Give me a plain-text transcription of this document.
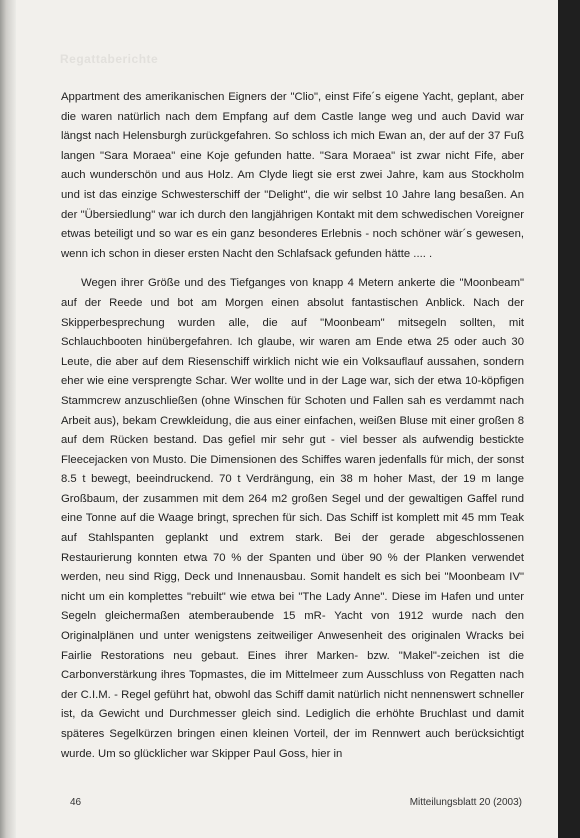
Regattaberichte

Appartment des amerikanischen Eigners der "Clio", einst Fife´s eigene Yacht, geplant, aber die waren natürlich nach dem Empfang auf dem Castle lange weg und auch David war längst nach Helensburgh zurückgefahren. So schloss ich mich Ewan an, der auf der 37 Fuß langen "Sara Moraea" eine Koje gefunden hatte. "Sara Moraea" ist zwar nicht Fife, aber auch wunderschön und aus Holz. Am Clyde liegt sie erst zwei Jahre, kam aus Stockholm und ist das einzige Schwesterschiff der "Delight", die wir selbst 10 Jahre lang besaßen. An der "Übersiedlung" war ich durch den langjährigen Kontakt mit dem schwedischen Voreigner etwas beteiligt und so war es ein ganz besonderes Erlebnis - noch schöner wär´s gewesen, wenn ich schon in dieser ersten Nacht den Schlafsack gefunden hätte .... .

Wegen ihrer Größe und des Tiefganges von knapp 4 Metern ankerte die "Moonbeam" auf der Reede und bot am Morgen einen absolut fantastischen Anblick. Nach der Skipperbesprechung wurden alle, die auf "Moonbeam" mitsegeln sollten, mit Schlauchbooten hinübergefahren. Ich glaube, wir waren am Ende etwa 25 oder auch 30 Leute, die aber auf dem Riesenschiff wirklich nicht wie ein Volksauflauf aussahen, sondern eher wie eine versprengte Schar. Wer wollte und in der Lage war, sich der etwa 10-köpfigen Stammcrew anzuschließen (ohne Winschen für Schoten und Fallen sah es verdammt nach Arbeit aus), bekam Crewkleidung, die aus einer einfachen, weißen Bluse mit einer großen 8 auf dem Rücken bestand. Das gefiel mir sehr gut - viel besser als aufwendig bestickte Fleecejacken von Musto. Die Dimensionen des Schiffes waren jedenfalls für mich, der sonst 8.5 t bewegt, beeindruckend. 70 t Verdrängung, ein 38 m hoher Mast, der 19 m lange Großbaum, der zusammen mit dem 264 m2 großen Segel und der gewaltigen Gaffel rund eine Tonne auf die Waage bringt, sprechen für sich. Das Schiff ist komplett mit 45 mm Teak auf Stahlspanten geplankt und extrem stark. Bei der gerade abgeschlossenen Restaurierung konnten etwa 70 % der Spanten und über 90 % der Planken verwendet werden, neu sind Rigg, Deck und Innenausbau. Somit handelt es sich bei "Moonbeam IV" nicht um ein komplettes "rebuilt" wie etwa bei "The Lady Anne". Diese im Hafen und unter Segeln gleichermaßen atemberaubende 15 mR- Yacht von 1912 wurde nach den Originalplänen und unter wenigstens zeitweiliger Anwesenheit des originalen Wracks bei Fairlie Restorations neu gebaut. Eines ihrer Marken- bzw. "Makel"-zeichen ist die Carbonverstärkung ihres Topmastes, die im Mittelmeer zum Ausschluss von Regatten nach der C.I.M. - Regel geführt hat, obwohl das Schiff damit natürlich nicht nennenswert schneller ist, da Gewicht und Durchmesser gleich sind. Lediglich die erhöhte Bruchlast und damit späteres Segelkürzen bringen einen kleinen Vorteil, der im Rennwert auch berücksichtigt wurde. Um so glücklicher war Skipper Paul Goss, hier in

46	Mitteilungsblatt 20 (2003)
